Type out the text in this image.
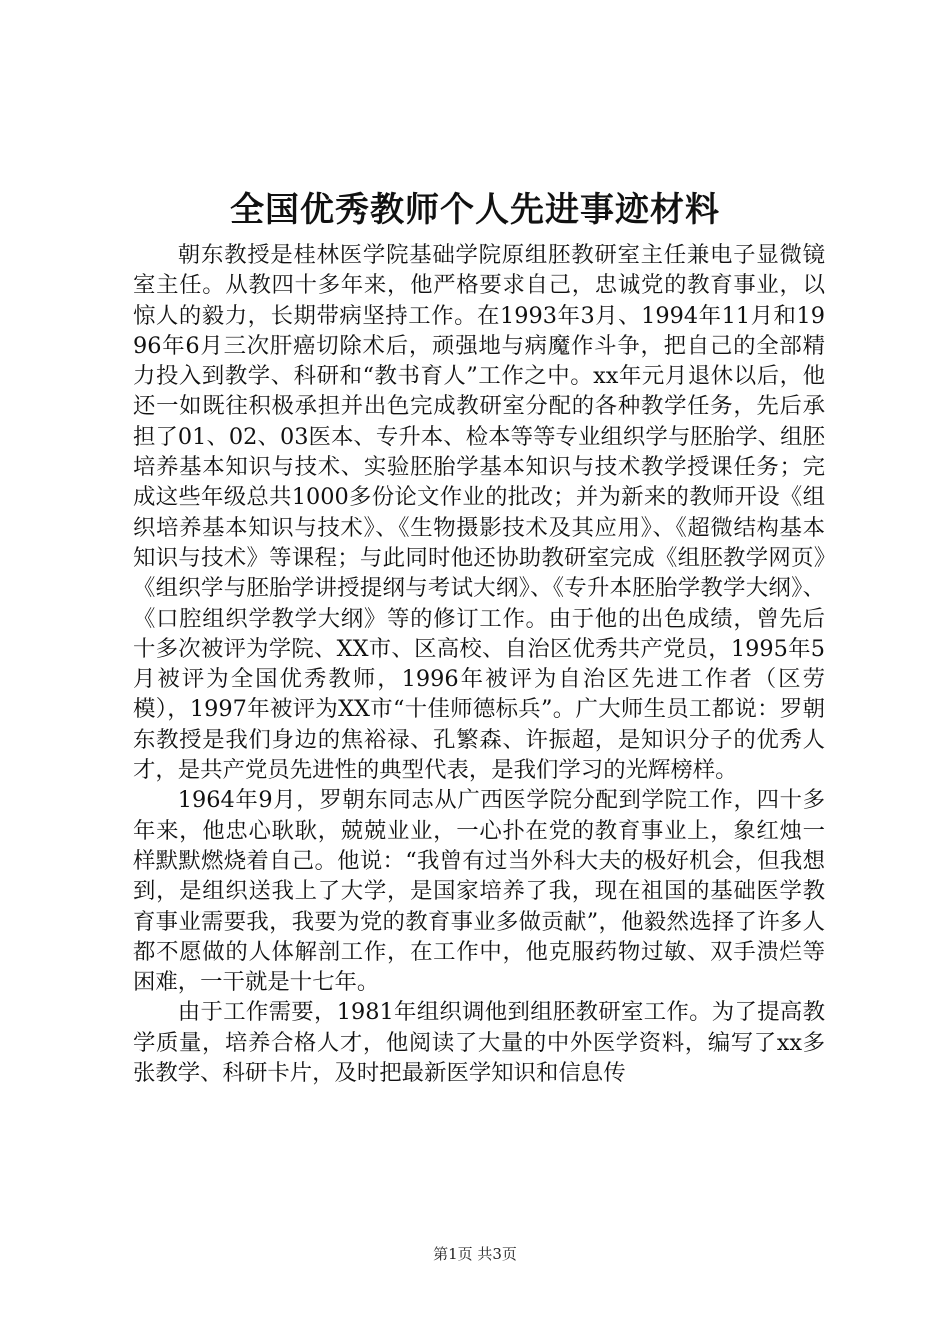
全国优秀教师个人先进事迹材料

朝东教授是桂林医学院基础学院原组胚教研室主任兼电子显微镜室主任。从教四十多年来，他严格要求自己，忠诚党的教育事业，以惊人的毅力，长期带病坚持工作。在1993年3月、1994年11月和1996年6月三次肝癌切除术后，顽强地与病魔作斗争，把自己的全部精力投入到教学、科研和“教书育人”工作之中。xx年元月退休以后，他还一如既往积极承担并出色完成教研室分配的各种教学任务，先后承担了01、02、03医本、专升本、检本等等专业组织学与胚胎学、组胚培养基本知识与技术、实验胚胎学基本知识与技术教学授课任务；完成这些年级总共1000多份论文作业的批改；并为新来的教师开设《组织培养基本知识与技术》、《生物摄影技术及其应用》、《超微结构基本知识与技术》等课程；与此同时他还协助教研室完成《组胚教学网页》《组织学与胚胎学讲授提纲与考试大纲》、《专升本胚胎学教学大纲》、《口腔组织学教学大纲》等的修订工作。由于他的出色成绩，曾先后十多次被评为学院、XX市、区高校、自治区优秀共产党员，1995年5月被评为全国优秀教师，1996年被评为自治区先进工作者（区劳模），1997年被评为XX市“十佳师德标兵”。广大师生员工都说：罗朝东教授是我们身边的焦裕禄、孔繁森、许振超，是知识分子的优秀人才，是共产党员先进性的典型代表，是我们学习的光辉榜样。

1964年9月，罗朝东同志从广西医学院分配到学院工作，四十多年来，他忠心耿耿，兢兢业业，一心扑在党的教育事业上，象红烛一样默默燃烧着自己。他说：“我曾有过当外科大夫的极好机会，但我想到，是组织送我上了大学，是国家培养了我，现在祖国的基础医学教育事业需要我，我要为党的教育事业多做贡献”，他毅然选择了许多人都不愿做的人体解剖工作，在工作中，他克服药物过敏、双手溃烂等困难，一干就是十七年。

由于工作需要，1981年组织调他到组胚教研室工作。为了提高教学质量，培养合格人才，他阅读了大量的中外医学资料，编写了xx多张教学、科研卡片，及时把最新医学知识和信息传

第1页 共3页
